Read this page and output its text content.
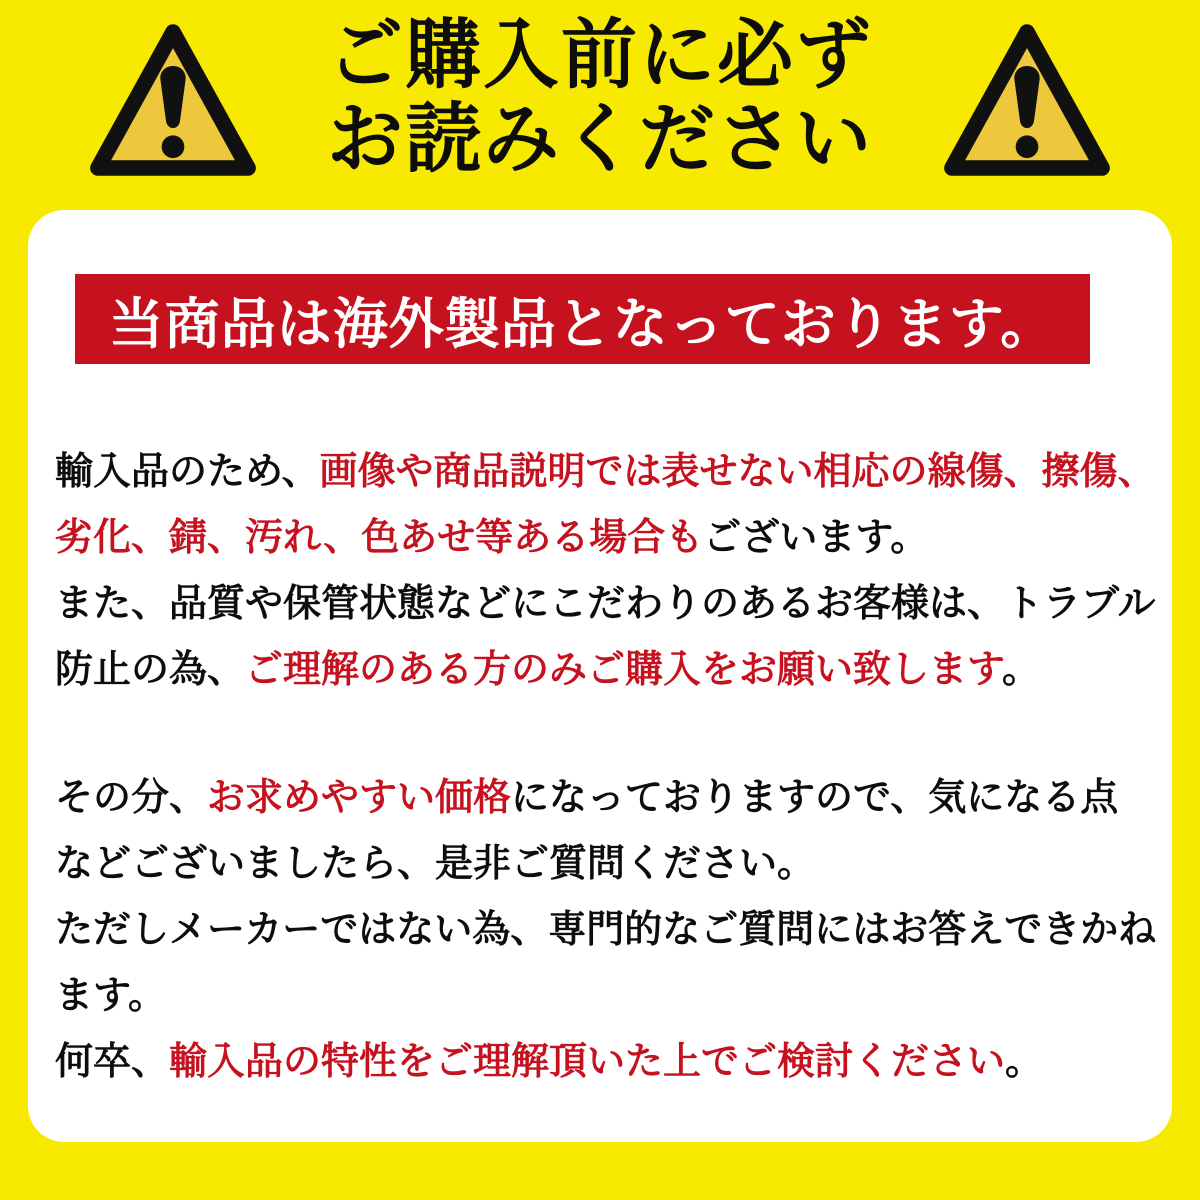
ご購入前に必ず
お読みください
当商品は海外製品となっております。
輸入品のため、画像や商品説明では表せない相応の線傷、擦傷、
劣化、錆、汚れ、色あせ等ある場合もございます。
また、品質や保管状態などにこだわりのあるお客様は、トラブル
防止の為、ご理解のある方のみご購入をお願い致します。
その分、お求めやすい価格になっておりますので、気になる点
などございましたら、是非ご質問ください。
ただしメーカーではない為、専門的なご質問にはお答えできかね
ます。
何卒、輸入品の特性をご理解頂いた上でご検討ください。
